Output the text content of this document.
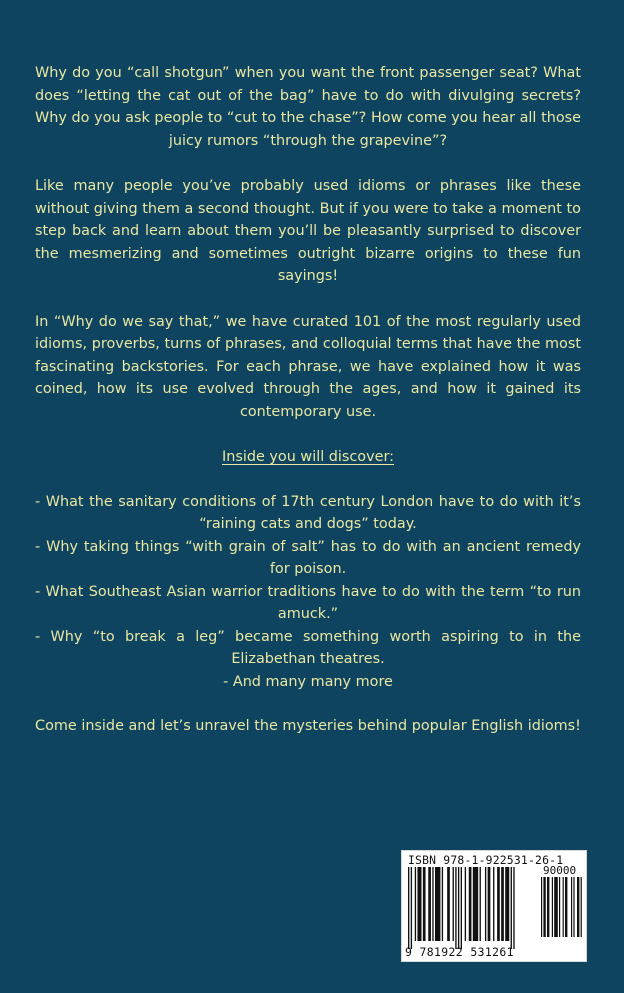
Why do you “call shotgun” when you want the front passenger seat? What does “letting the cat out of the bag” have to do with divulging secrets? Why do you ask people to “cut to the chase”? How come you hear all those juicy rumors “through the grapevine”?

Like many people you’ve probably used idioms or phrases like these without giving them a second thought. But if you were to take a moment to step back and learn about them you’ll be pleasantly surprised to discover the mesmerizing and sometimes outright bizarre origins to these fun sayings!

In “Why do we say that,” we have curated 101 of the most regularly used idioms, proverbs, turns of phrases, and colloquial terms that have the most fascinating backstories. For each phrase, we have explained how it was coined, how its use evolved through the ages, and how it gained its contemporary use.

Inside you will discover:

- What the sanitary conditions of 17th century London have to do with it’s “raining cats and dogs” today.

- Why taking things “with grain of salt” has to do with an ancient remedy for poison.

- What Southeast Asian warrior traditions have to do with the term “to run amuck.”

- Why “to break a leg” became something worth aspiring to in the Elizabethan theatres.

- And many many more

Come inside and let’s unravel the mysteries behind popular English idioms!

ISBN 978-1-922531-26-1
90000
9 781922 531261
